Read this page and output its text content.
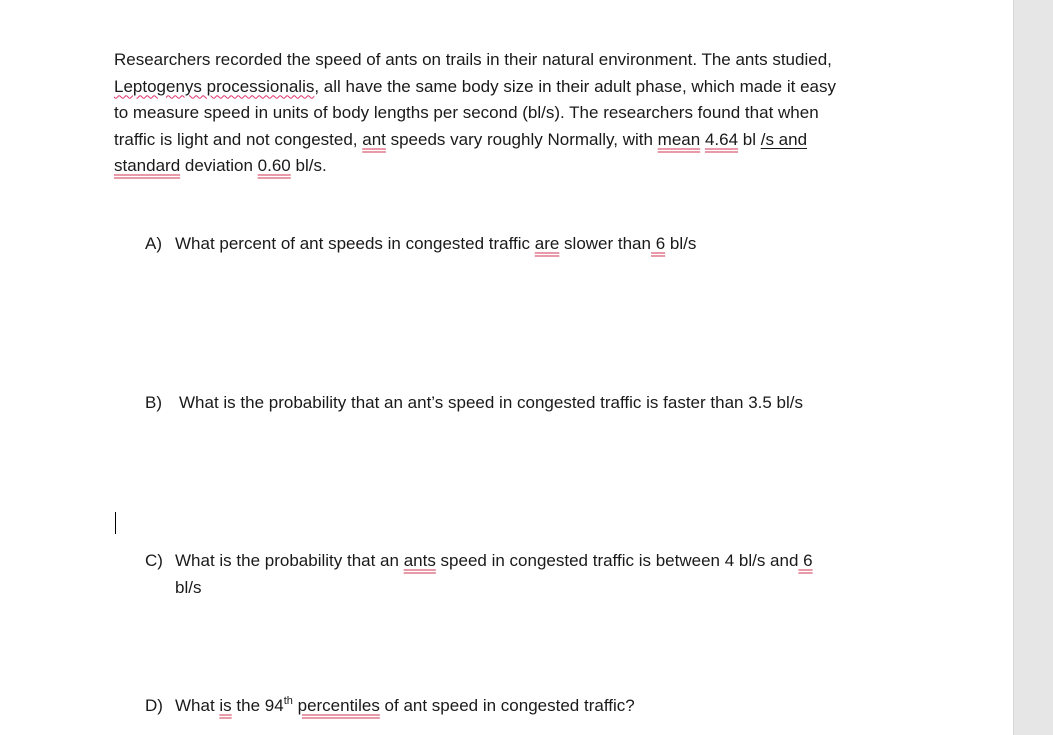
Researchers recorded the speed of ants on trails in their natural environment. The ants studied,
Leptogenys processionalis, all have the same body size in their adult phase, which made it easy
to measure speed in units of body lengths per second (bl/s). The researchers found that when
traffic is light and not congested, ant speeds vary roughly Normally, with mean 4.64 bl /s and
standard deviation 0.60 bl/s.

A) What percent of ant speeds in congested traffic are slower than 6 bl/s

B) What is the probability that an ant’s speed in congested traffic is faster than 3.5 bl/s

C) What is the probability that an ants speed in congested traffic is between 4 bl/s and 6
bl/s

D) What is the 94th percentiles of ant speed in congested traffic?
